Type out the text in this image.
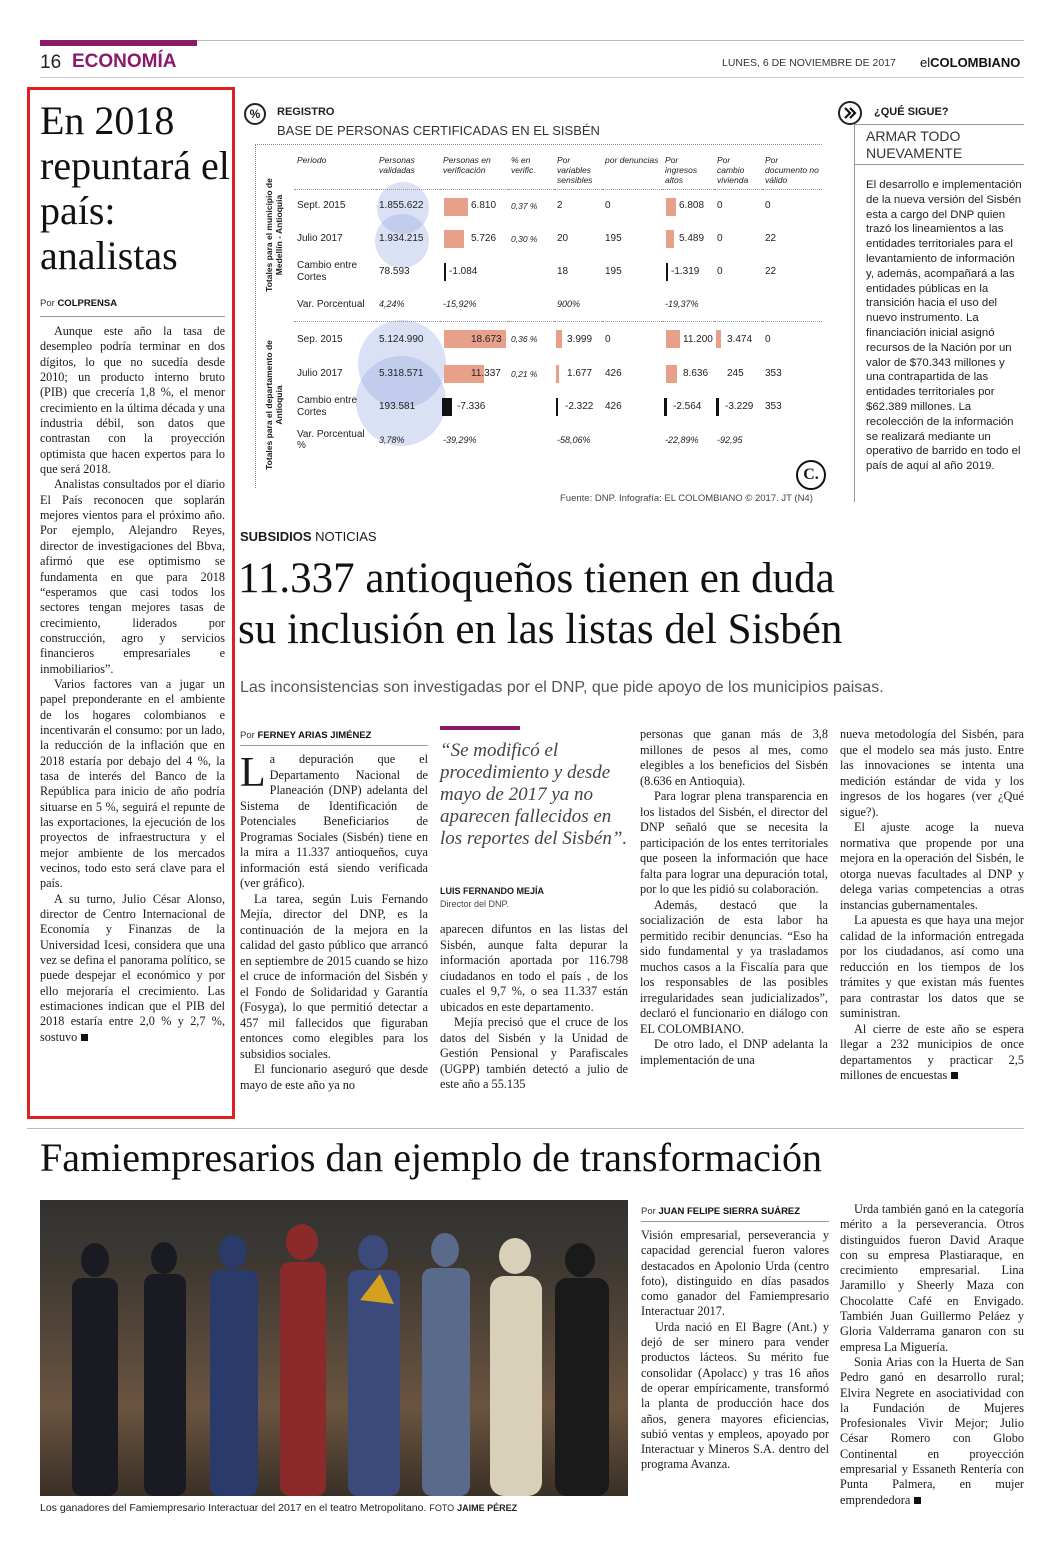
16 ECONOMÍA	LUNES, 6 DE NOVIEMBRE DE 2017 elCOLOMBIANO
En 2018 repuntará el país: analistas
Por COLPRENSA

Aunque este año la tasa de desempleo podría terminar en dos dígitos, lo que no sucedía desde 2010; un producto interno bruto (PIB) que crecería 1,8 %, el menor crecimiento en la última década y una industria débil, son datos que contrastan con la proyección optimista que hacen expertos para lo que será 2018.

Analistas consultados por el diario El País reconocen que soplarán mejores vientos para el próximo año. Por ejemplo, Alejandro Reyes, director de investigaciones del Bbva, afirmó que ese optimismo se fundamenta en que para 2018 “esperamos que casi todos los sectores tengan mejores tasas de crecimiento, liderados por construcción, agro y servicios financieros empresariales e inmobiliarios”.

Varios factores van a jugar un papel preponderante en el ambiente de los hogares colombianos e incentivarán el consumo: por un lado, la reducción de la inflación que en 2018 estaría por debajo del 4 %, la tasa de interés del Banco de la República para inicio de año podría situarse en 5 %, seguirá el repunte de las exportaciones, la ejecución de los proyectos de infraestructura y el mejor ambiente de los mercados vecinos, todo esto será clave para el país.

A su turno, Julio César Alonso, director de Centro Internacional de Economía y Finanzas de la Universidad Icesi, considera que una vez se defina el panorama político, se puede despejar el económico y por ello mejoraría el crecimiento. Las estimaciones indican que el PIB del 2018 estaría entre 2,0 % y 2,7 %, sostuvo

%	REGISTRO
BASE DE PERSONAS CERTIFICADAS EN EL SISBÉN
Totales para el municipio de Medellín - Antioquia
Totales para el departamento de Antioquia
Periodo	Personas validadas	Personas en verificación	% en verific.	Por variables sensibles	por denuncias	Por ingresos altos	Por cambio vivienda	Por documento no válido
Sept. 2015	1.855.622	6.810	0,37 %	2	0	6.808	0	0
Julio 2017	1.934.215	5.726	0,30 %	20	195	5.489	0	22
Cambio entre Cortes	78.593	-1.084		18	195	-1.319	0	22
Var. Porcentual	4,24%	-15,92%		900%		-19,37%		
Sep. 2015	5.124.990	18.673	0,36 %	3.999	0	11.200	3.474	0
Julio 2017	5.318.571	11.337	0,21 %	1.677	426	8.636	245	353
Cambio entre Cortes	193.581	-7.336		-2.322	426	-2.564	-3.229	353
Var. Porcentual %	3,78%	-39,29%		-58,06%		-22,89%	-92,95	
C.
Fuente: DNP. Infografía: EL COLOMBIANO © 2017. JT (N4)
¿QUÉ SIGUE?
ARMAR TODO NUEVAMENTE
El desarrollo e implementación de la nueva versión del Sisbén esta a cargo del DNP quien trazó los lineamientos a las entidades territoriales para el levantamiento de información y, además, acompañará a las entidades públicas en la transición hacia el uso del nuevo instrumento. La financiación inicial asignó recursos de la Nación por un valor de $70.343 millones y una contrapartida de las entidades territoriales por $62.389 millones. La recolección de la información se realizará mediante un operativo de barrido en todo el país de aquí al año 2019.
SUBSIDIOS NOTICIAS
11.337 antioqueños tienen en duda
su inclusión en las listas del Sisbén
Las inconsistencias son investigadas por el DNP, que pide apoyo de los municipios paisas.
Por FERNEY ARIAS JIMÉNEZ

La depuración que el Departamento Nacional de Planeación (DNP) adelanta del Sistema de Identificación de Potenciales Beneficiarios de Programas Sociales (Sisbén) tiene en la mira a 11.337 antioqueños, cuya información está siendo verificada (ver gráfico).

La tarea, según Luis Fernando Mejía, director del DNP, es la continuación de la mejora en la calidad del gasto público que arrancó en septiembre de 2015 cuando se hizo el cruce de información del Sisbén y el Fondo de Solidaridad y Garantía (Fosyga), lo que permitió detectar a 457 mil fallecidos que figuraban entonces como elegibles para los subsidios sociales.

El funcionario aseguró que desde mayo de este año ya no

“Se modificó el procedimiento y desde mayo de 2017 ya no aparecen fallecidos en los reportes del Sisbén”.
LUIS FERNANDO MEJÍA
Director del DNP.

aparecen difuntos en las listas del Sisbén, aunque falta depurar la información aportada por 116.798 ciudadanos en todo el país , de los cuales el 9,7 %, o sea 11.337 están ubicados en este departamento.

Mejía precisó que el cruce de los datos del Sisbén y la Unidad de Gestión Pensional y Parafiscales (UGPP) también detectó a julio de este año a 55.135

personas que ganan más de 3,8 millones de pesos al mes, como elegibles a los beneficios del Sisbén (8.636 en Antioquia).

Para lograr plena transparencia en los listados del Sisbén, el director del DNP señaló que se necesita la participación de los entes territoriales que poseen la información que hace falta para lograr una depuración total, por lo que les pidió su colaboración.

Además, destacó que la socialización de esta labor ha permitido recibir denuncias. “Eso ha sido fundamental y ya trasladamos muchos casos a la Fiscalía para que los responsables de las posibles irregularidades sean judicializados”, declaró el funcionario en diálogo con EL COLOMBIANO.

De otro lado, el DNP adelanta la implementación de una

nueva metodología del Sisbén, para que el modelo sea más justo. Entre las innovaciones se intenta una medición estándar de vida y los ingresos de los hogares (ver ¿Qué sigue?).

El ajuste acoge la nueva normativa que propende por una mejora en la operación del Sisbén, le otorga nuevas facultades al DNP y delega varias competencias a otras instancias gubernamentales.

La apuesta es que haya una mejor calidad de la información entregada por los ciudadanos, así como una reducción en los tiempos de los trámites y que existan más fuentes para contrastar los datos que se suministran.

Al cierre de este año se espera llegar a 232 municipios de once departamentos y practicar 2,5 millones de encuestas

Famiempresarios dan ejemplo de transformación
Los ganadores del Famiempresario Interactuar del 2017 en el teatro Metropolitano. FOTO JAIME PÉREZ
Por JUAN FELIPE SIERRA SUÁREZ

Visión empresarial, perseverancia y capacidad gerencial fueron valores destacados en Apolonio Urda (centro foto), distinguido en días pasados como ganador del Famiempresario Interactuar 2017.

Urda nació en El Bagre (Ant.) y dejó de ser minero para vender productos lácteos. Su mérito fue consolidar (Apolacc) y tras 16 años de operar empíricamente, transformó la planta de producción hace dos años, genera mayores eficiencias, subió ventas y empleos, apoyado por Interactuar y Mineros S.A. dentro del programa Avanza.

Urda también ganó en la categoría mérito a la perseverancia. Otros distinguidos fueron David Araque con su empresa Plastiaraque, en crecimiento empresarial. Lina Jaramillo y Sheerly Maza con Chocolatte Café en Envigado. También Juan Guillermo Peláez y Gloria Valderrama ganaron con su empresa La Miguería.

Sonia Arias con la Huerta de San Pedro ganó en desarrollo rural; Elvira Negrete en asociatividad con la Fundación de Mujeres Profesionales Vivir Mejor; Julio César Romero con Globo Continental en proyección empresarial y Essaneth Rentería con Punta Palmera, en mujer emprendedora
